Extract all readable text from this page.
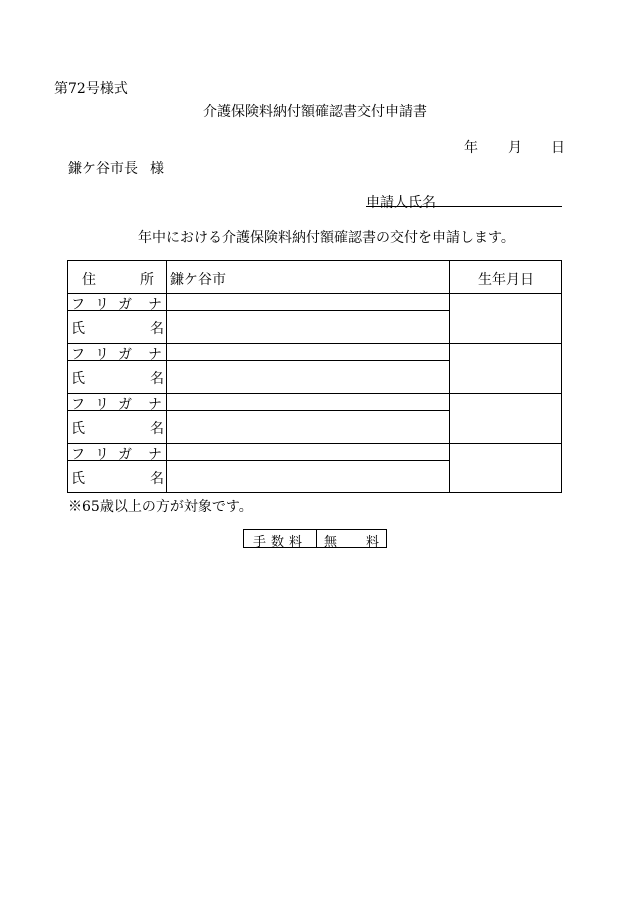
第72号様式
介護保険料納付額確認書交付申請書
年 月 日
鎌ケ谷市長 様
申請人氏名
年中における介護保険料納付額確認書の交付を申請します。
住	所 鎌ケ谷市	生年月日
フ リ ガ ナ
氏	名
フ リ ガ ナ
氏	名
フ リ ガ ナ
氏	名
フ リ ガ ナ
氏	名
※65歳以上の方が対象です。
手数料 無 料
